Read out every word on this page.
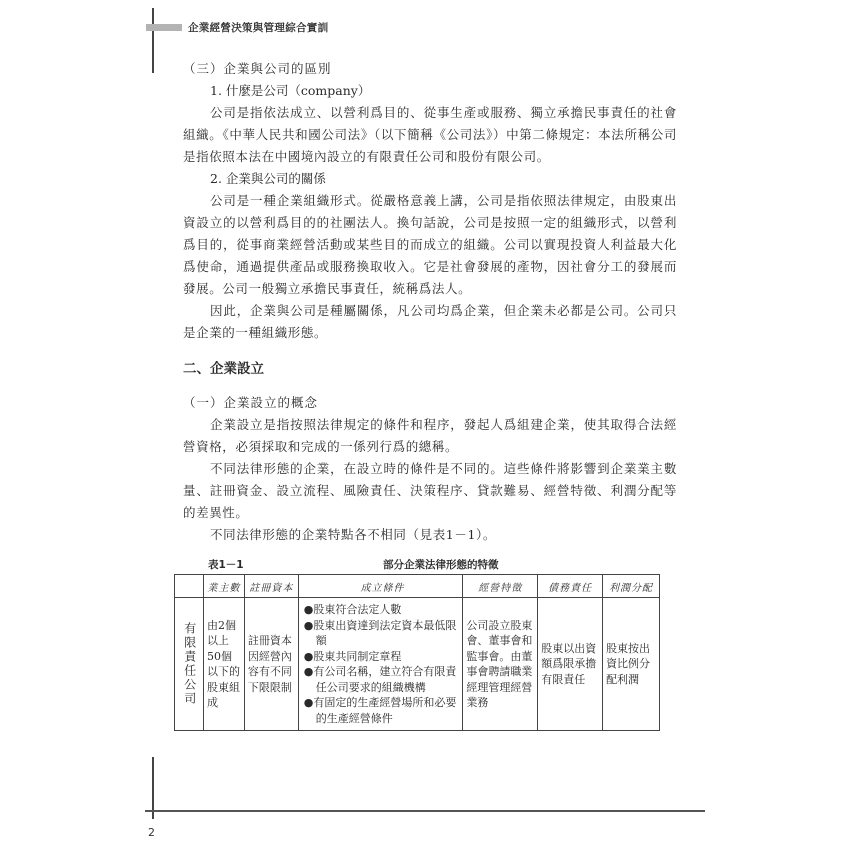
企業經營決策與管理綜合實訓

（三）企業與公司的區別

1. 什麼是公司（company）

公司是指依法成立、以營利爲目的、從事生產或服務、獨立承擔民事責任的社會組織。《中華人民共和國公司法》（以下簡稱《公司法》）中第二條規定：本法所稱公司是指依照本法在中國境內設立的有限責任公司和股份有限公司。

2. 企業與公司的關係

公司是一種企業組織形式。從嚴格意義上講，公司是指依照法律規定，由股東出資設立的以營利爲目的的社團法人。換句話說，公司是按照一定的組織形式，以營利爲目的，從事商業經營活動或某些目的而成立的組織。公司以實現投資人利益最大化爲使命，通過提供產品或服務換取收入。它是社會發展的產物，因社會分工的發展而發展。公司一般獨立承擔民事責任，統稱爲法人。

因此，企業與公司是種屬關係，凡公司均爲企業，但企業未必都是公司。公司只是企業的一種組織形態。

二、企業設立

（一）企業設立的概念

企業設立是指按照法律規定的條件和程序，發起人爲組建企業，使其取得合法經營資格，必須採取和完成的一係列行爲的總稱。

不同法律形態的企業，在設立時的條件是不同的。這些條件將影響到企業業主數量、註冊資金、設立流程、風險責任、決策程序、貸款難易、經營特徵、利潤分配等的差異性。

不同法律形態的企業特點各不相同（見表1－1）。

表1－1	部分企業法律形態的特徵
	業主數	註冊資本	成立條件	經營特徵	債務責任	利潤分配
有限責任公司	由2個以上50個以下的股東組成	註冊資本因經營內容有不同下限限制	●股東符合法定人數
●股東出資達到法定資本最低限額
●股東共同制定章程
●有公司名稱，建立符合有限責任公司要求的組織機構
●有固定的生產經營場所和必要的生產經營條件	公司設立股東會、董事會和監事會。由董事會聘請職業經理管理經營業務	股東以出資額爲限承擔有限責任	股東按出資比例分配利潤
2
